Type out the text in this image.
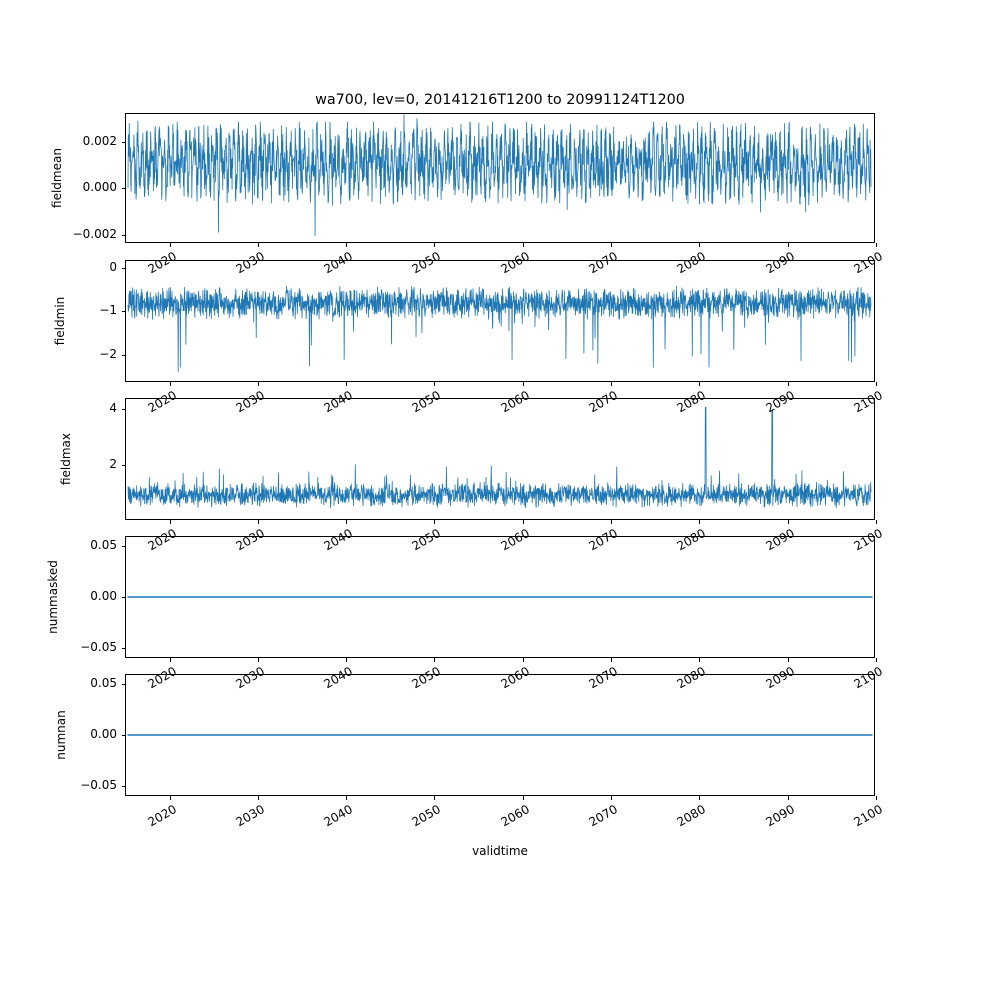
wa700, lev=0, 20141216T1200 to 20991124T1200
fieldmean
fieldmin
fieldmax
nummasked
numnan
validtime
−0.002
0.000
0.002
2020	2030	2040	2050	2060	2070	2080	2090	2100
−2
−1
0
2020	2030	2040	2050	2060	2070	2080	2090	2100
2
4
2020	2030	2040	2050	2060	2070	2080	2090	2100
−0.05
0.00
0.05
2020	2030	2040	2050	2060	2070	2080	2090	2100
−0.05
0.00
0.05
2020	2030	2040	2050	2060	2070	2080	2090	2100
